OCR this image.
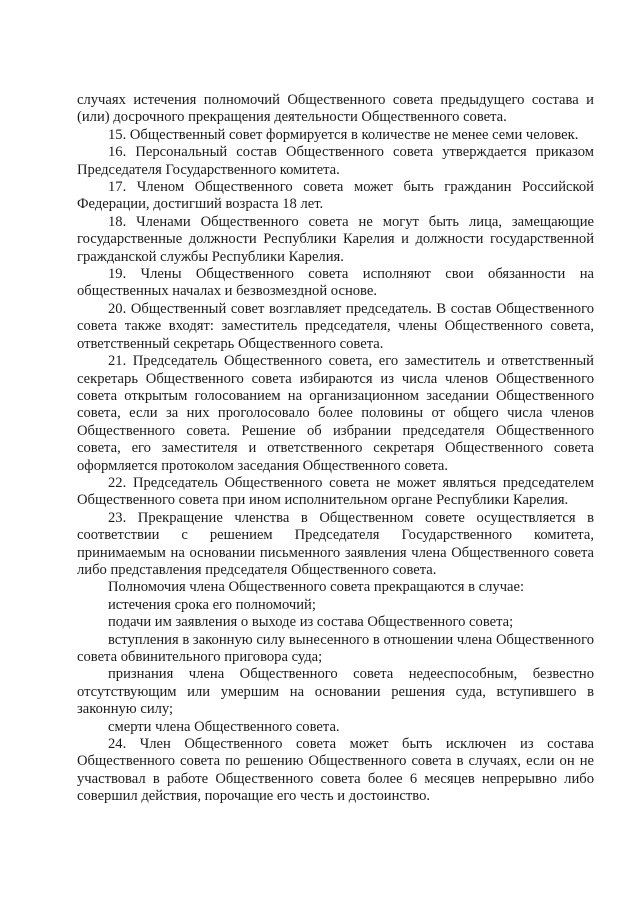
случаях истечения полномочий Общественного совета предыдущего состава и (или) досрочного прекращения деятельности Общественного совета.

15. Общественный совет формируется в количестве не менее семи человек.

16. Персональный состав Общественного совета утверждается приказом Председателя Государственного комитета.

17. Членом Общественного совета может быть гражданин Российской Федерации, достигший возраста 18 лет.

18. Членами Общественного совета не могут быть лица, замещающие государственные должности Республики Карелия и должности государственной гражданской службы Республики Карелия.

19. Члены Общественного совета исполняют свои обязанности на общественных началах и безвозмездной основе.

20. Общественный совет возглавляет председатель. В состав Общественного совета также входят: заместитель председателя, члены Общественного совета, ответственный секретарь Общественного совета.

21. Председатель Общественного совета, его заместитель и ответственный секретарь Общественного совета избираются из числа членов Общественного совета открытым голосованием на организационном заседании Общественного совета, если за них проголосовало более половины от общего числа членов Общественного совета. Решение об избрании председателя Общественного совета, его заместителя и ответственного секретаря Общественного совета оформляется протоколом заседания Общественного совета.

22. Председатель Общественного совета не может являться председателем Общественного совета при ином исполнительном органе Республики Карелия.

23. Прекращение членства в Общественном совете осуществляется в соответствии с решением Председателя Государственного комитета, принимаемым на основании письменного заявления члена Общественного совета либо представления председателя Общественного совета.

Полномочия члена Общественного совета прекращаются в случае:

истечения срока его полномочий;

подачи им заявления о выходе из состава Общественного совета;

вступления в законную силу вынесенного в отношении члена Общественного совета обвинительного приговора суда;

признания члена Общественного совета недееспособным, безвестно отсутствующим или умершим на основании решения суда, вступившего в законную силу;

смерти члена Общественного совета.

24. Член Общественного совета может быть исключен из состава Общественного совета по решению Общественного совета в случаях, если он не участвовал в работе Общественного совета более 6 месяцев непрерывно либо совершил действия, порочащие его честь и достоинство.
